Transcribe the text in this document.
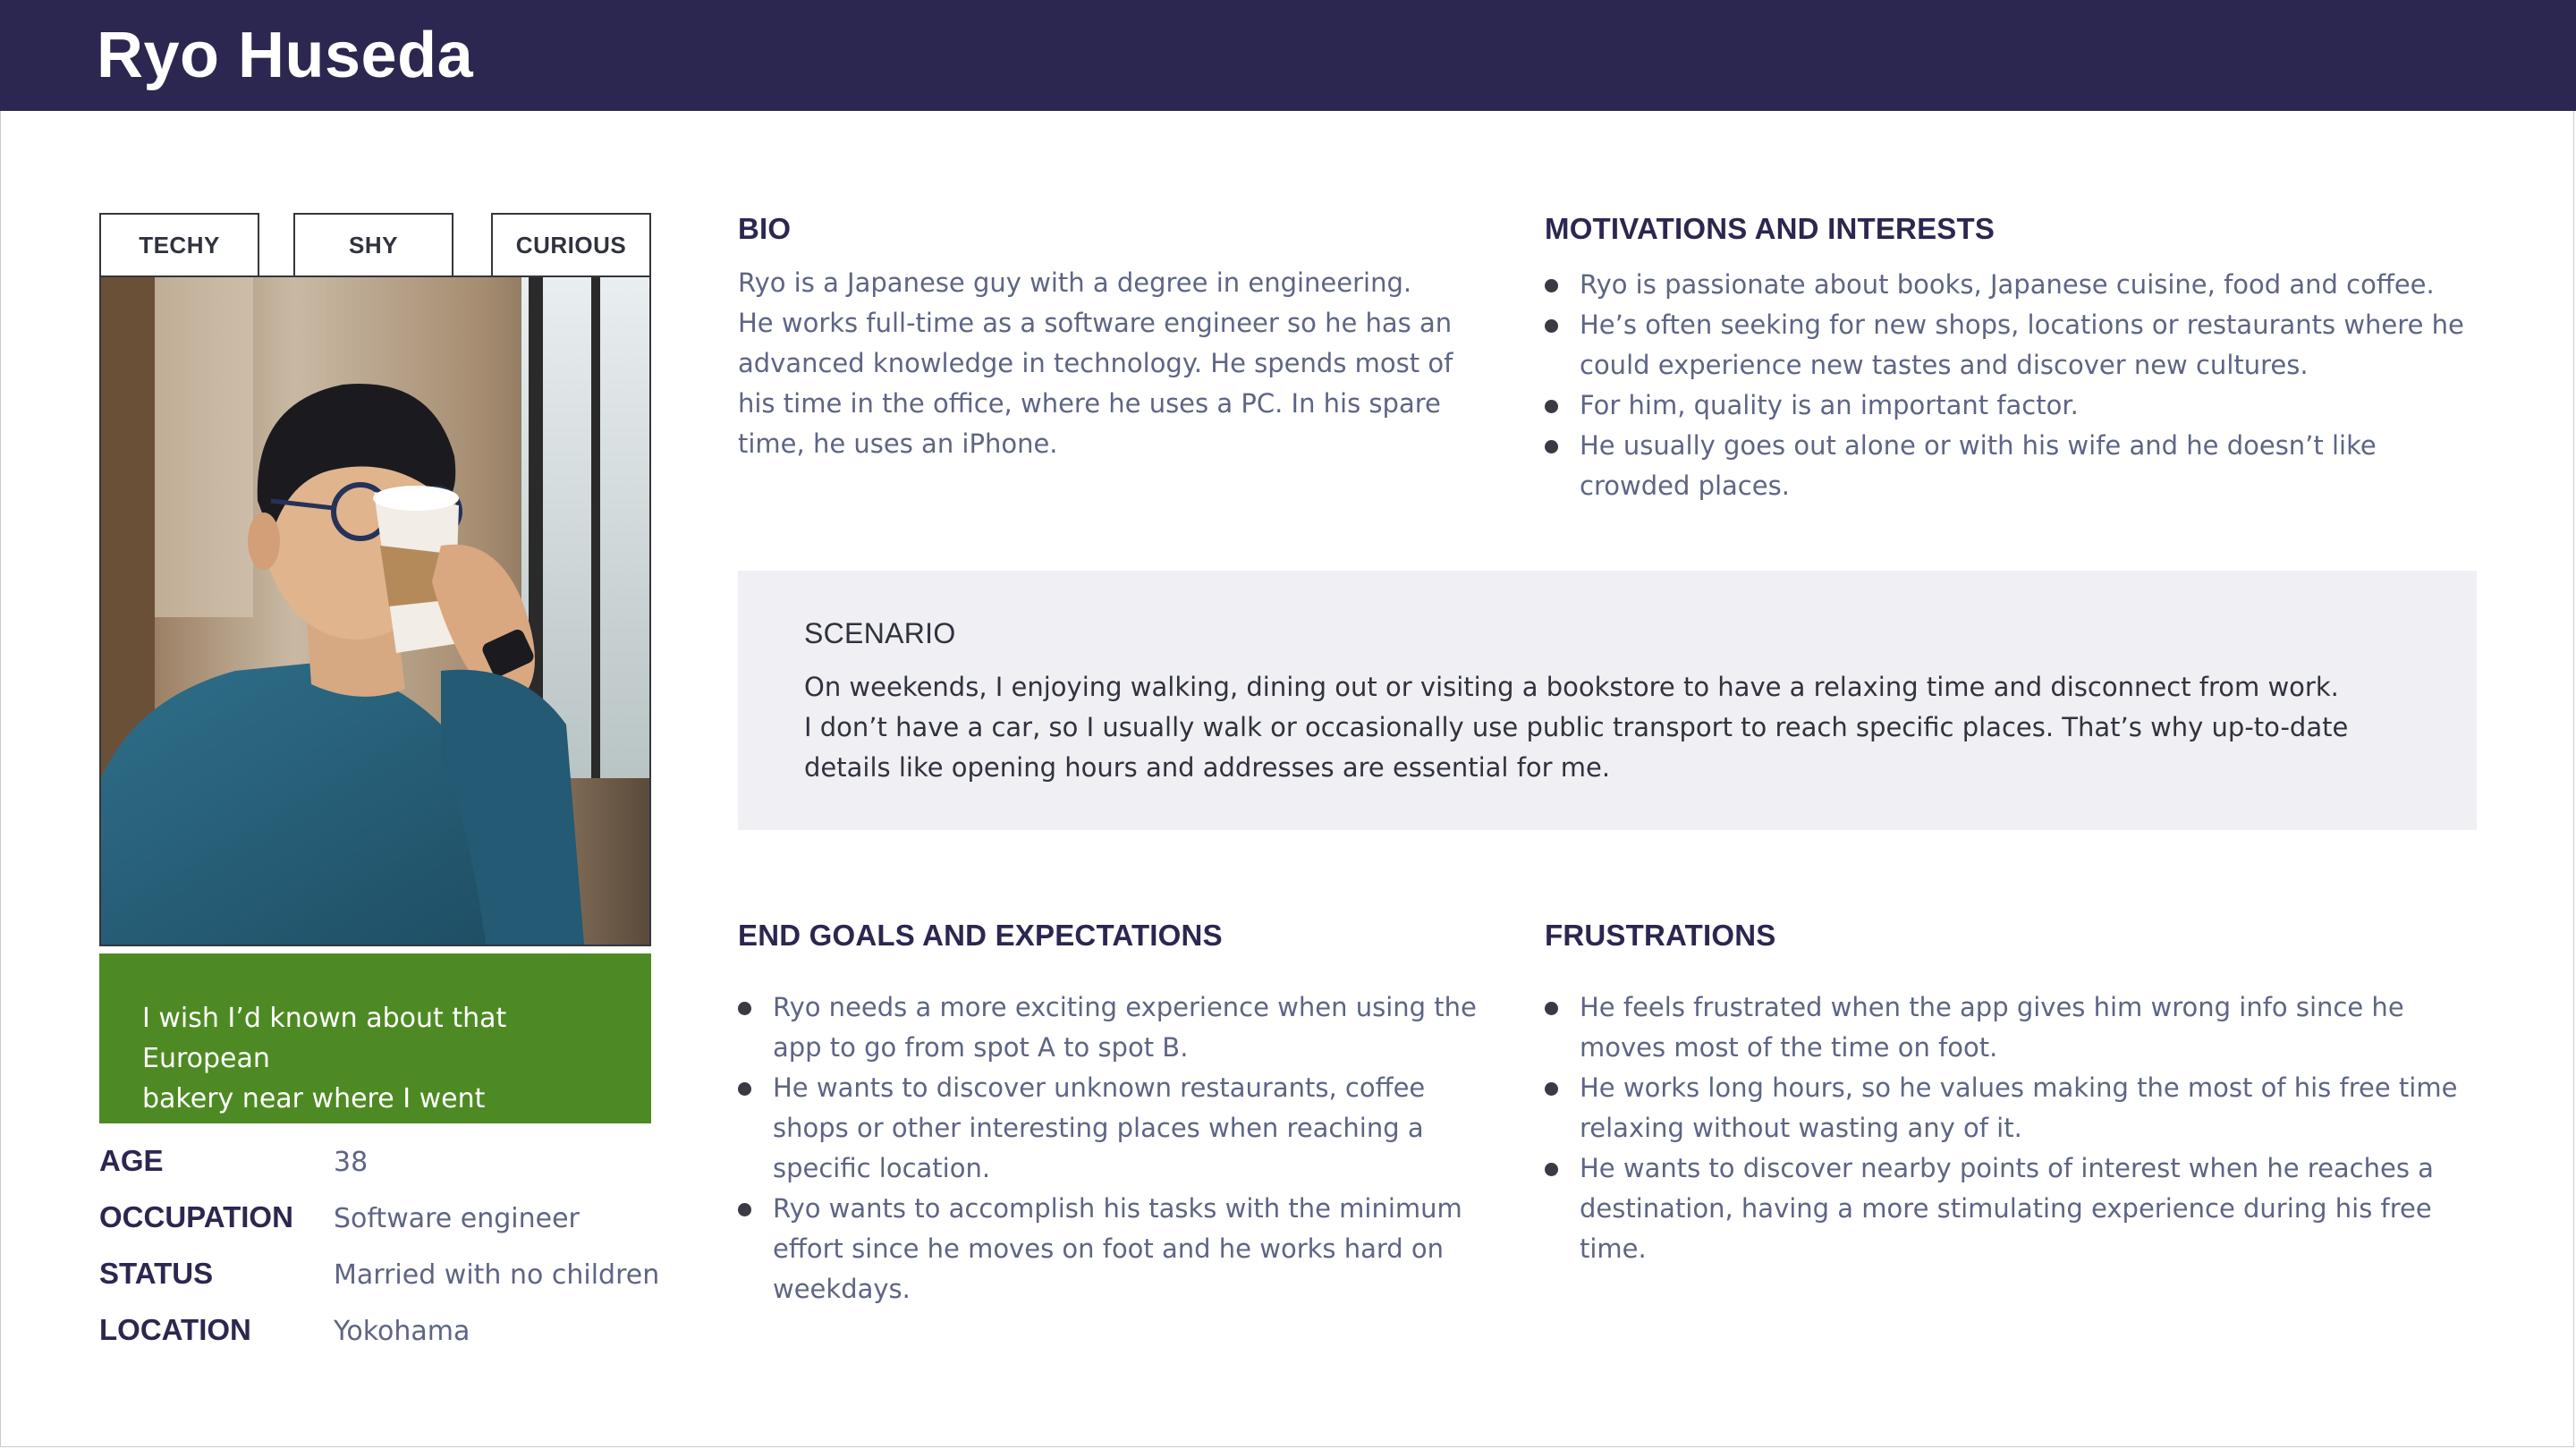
Ryo Huseda
TECHY	SHY	CURIOUS
I wish I’d known about that European
bakery near where I went yesterday…
AGE	38
OCCUPATION Software engineer
STATUS	Married with no children
LOCATION	Yokohama
BIO

Ryo is a Japanese guy with a degree in engineering.

He works full-time as a software engineer so he has an advanced knowledge in technology. He spends most of his time in the office, where he uses a PC. In his spare time, he uses an iPhone.

MOTIVATIONS AND INTERESTS
Ryo is passionate about books, Japanese cuisine, food and coffee.
He’s often seeking for new shops, locations or restaurants where he could experience new tastes and discover new cultures.
For him, quality is an important factor.
He usually goes out alone or with his wife and he doesn’t like crowded places.
SCENARIO

On weekends, I enjoying walking, dining out or visiting a bookstore to have a relaxing time and disconnect from work.

I don’t have a car, so I usually walk or occasionally use public transport to reach specific places. That’s why up-to-date details like opening hours and addresses are essential for me.

END GOALS AND EXPECTATIONS
Ryo needs a more exciting experience when using the app to go from spot A to spot B.
He wants to discover unknown restaurants, coffee shops or other interesting places when reaching a specific location.
Ryo wants to accomplish his tasks with the minimum effort since he moves on foot and he works hard on weekdays.
FRUSTRATIONS
He feels frustrated when the app gives him wrong info since he moves most of the time on foot.
He works long hours, so he values making the most of his free time relaxing without wasting any of it.
He wants to discover nearby points of interest when he reaches a destination, having a more stimulating experience during his free time.
